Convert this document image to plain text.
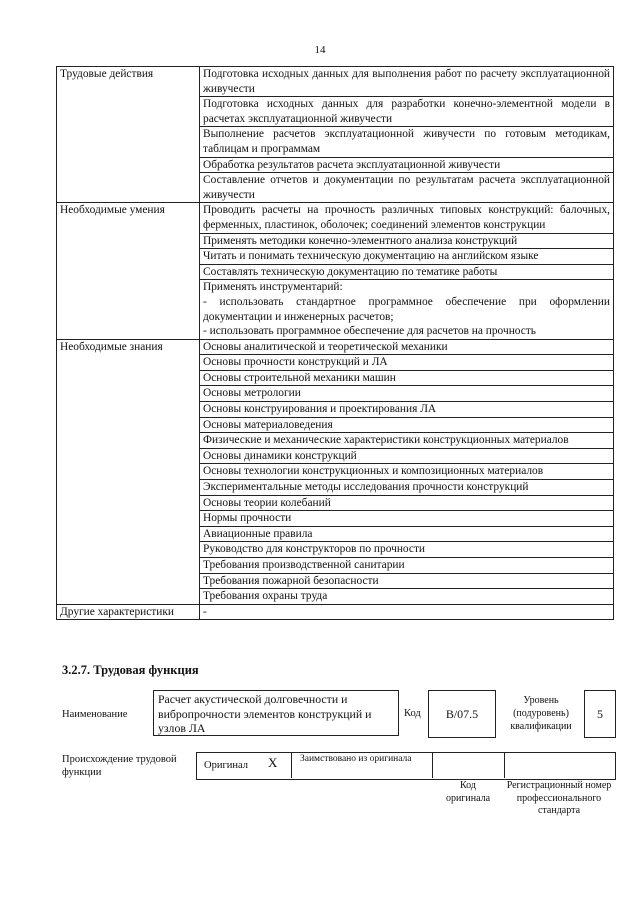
14
Трудовые действия	Подготовка исходных данных для выполнения работ по расчету эксплуатационной живучести
	Подготовка исходных данных для разработки конечно-элементной модели в расчетах эксплуатационной живучести
	Выполнение расчетов эксплуатационной живучести по готовым методикам, таблицам и программам
	Обработка результатов расчета эксплуатационной живучести
	Составление отчетов и документации по результатам расчета эксплуатационной живучести
Необходимые умения	Проводить расчеты на прочность различных типовых конструкций: балочных, ферменных, пластинок, оболочек; соединений элементов конструкции
	Применять методики конечно-элементного анализа конструкций
	Читать и понимать техническую документацию на английском языке
	Составлять техническую документацию по тематике работы
	Применять инструментарий:
- использовать стандартное программное обеспечение при оформлении документации и инженерных расчетов;
- использовать программное обеспечение для расчетов на прочность
Необходимые знания	Основы аналитической и теоретической механики
	Основы прочности конструкций и ЛА
	Основы строительной механики машин
	Основы метрологии
	Основы конструирования и проектирования ЛА
	Основы материаловедения
	Физические и механические характеристики конструкционных материалов
	Основы динамики конструкций
	Основы технологии конструкционных и композиционных материалов
	Экспериментальные методы исследования прочности конструкций
	Основы теории колебаний
	Нормы прочности
	Авиационные правила
	Руководство для конструкторов по прочности
	Требования производственной санитарии
	Требования пожарной безопасности
	Требования охраны труда
Другие характеристики	-
3.2.7. Трудовая функция
Наименование
Расчет акустической долговечности и вибропрочности элементов конструкций и узлов ЛА
Код	B/07.5
Уровень (подуровень) квалификации
5
Происхождение трудовой функции
Оригинал X Заимствовано из оригинала
Код оригинала
Регистрационный номер профессионального стандарта
